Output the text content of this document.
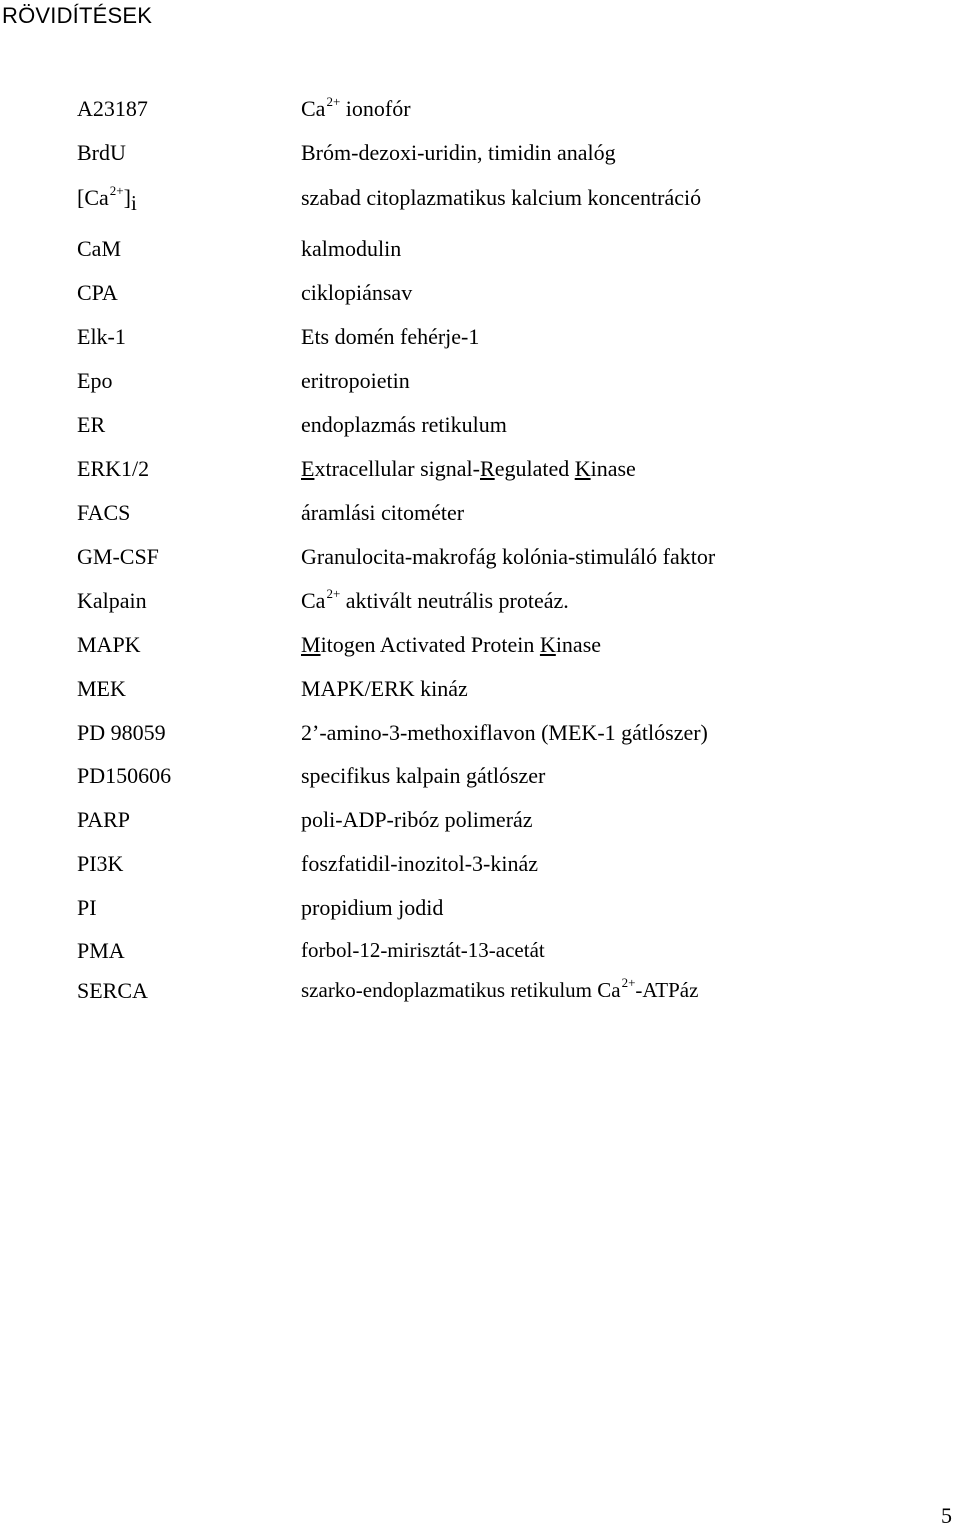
RÖVIDÍTÉSEK
A23187	$Ca^{2+}$ ionofór
BrdU	Bróm-dezoxi-uridin, timidin analóg
$[Ca^{2+}]i$	szabad citoplazmatikus kalcium koncentráció
CaM	kalmodulin
CPA	ciklopiánsav
Elk-1	Ets domén fehérje-1
Epo	eritropoietin
ER	endoplazmás retikulum
ERK1/2	Extracellular signal-Regulated Kinase
FACS	áramlási citométer
GM-CSF	Granulocita-makrofág kolónia-stimuláló faktor
Kalpain	$Ca^{2+}$ aktivált neutrális proteáz.
MAPK	Mitogen Activated Protein Kinase
MEK	MAPK/ERK kináz
PD 98059	2’-amino-3-methoxiflavon (MEK-1 gátlószer)
PD150606	specifikus kalpain gátlószer
PARP	poli-ADP-ribóz polimeráz
PI3K	foszfatidil-inozitol-3-kináz
PI	propidium jodid
PMA	forbol-12-mirisztát-13-acetát
SERCA	szarko-endoplazmatikus retikulum $Ca^{2+}$-ATPáz
5
